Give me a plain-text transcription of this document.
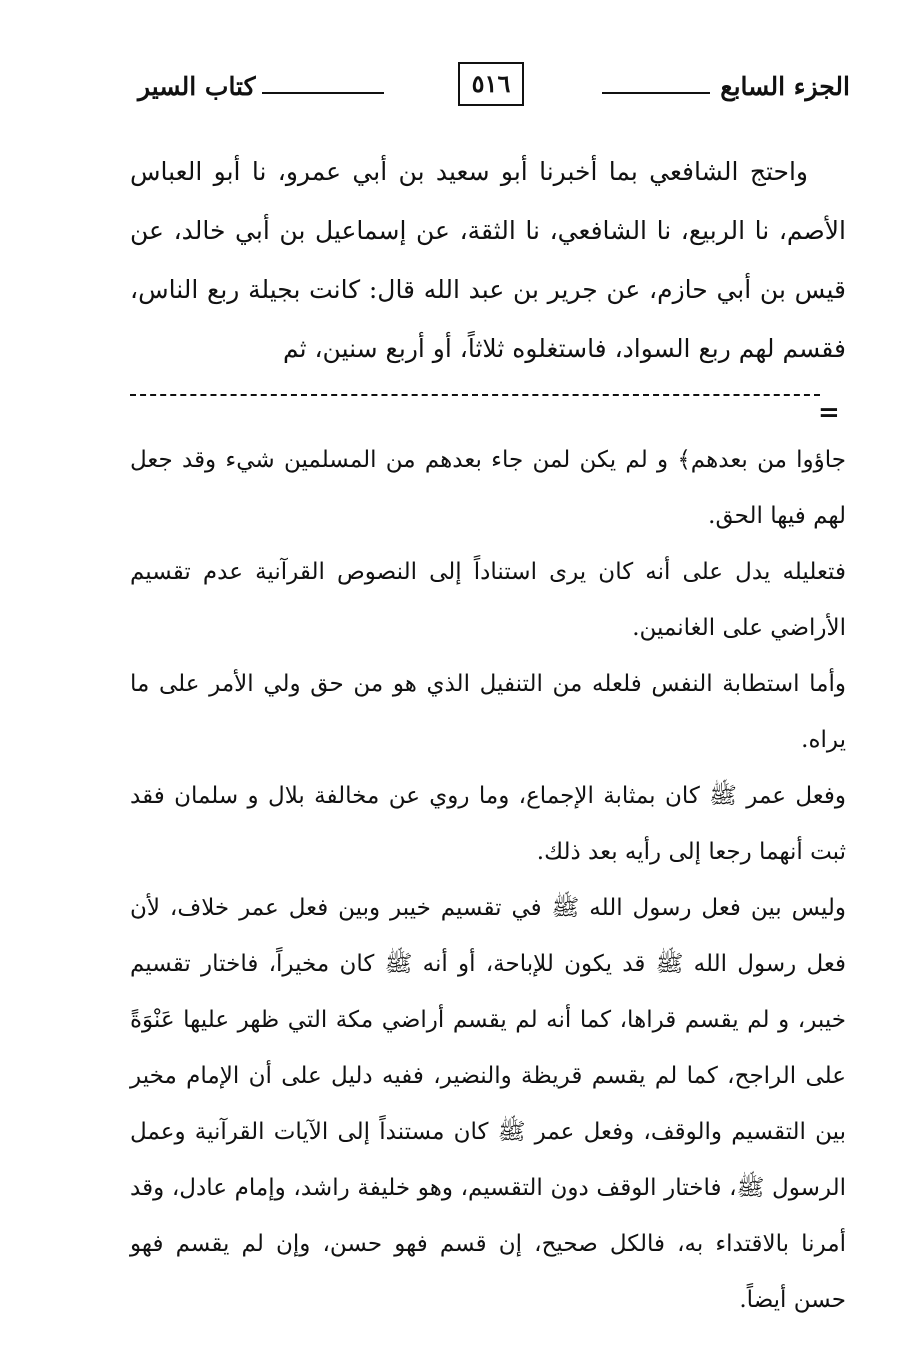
الجزء السابع
٥١٦
كتاب السير

واحتج الشافعي بما أخبرنا أبو سعيد بن أبي عمرو، نا أبو العباس الأصم، نا الربيع، نا الشافعي، نا الثقة، عن إسماعيل بن أبي خالد، عن قيس بن أبي حازم، عن جرير بن عبد الله قال: كانت بجيلة ربع الناس، فقسم لهم ربع السواد، فاستغلوه ثلاثاً، أو أربع سنين، ثم

=

جاؤوا من بعدهم﴾ و لم يكن لمن جاء بعدهم من المسلمين شيء وقد جعل لهم فيها الحق.

فتعليله يدل على أنه كان يرى استناداً إلى النصوص القرآنية عدم تقسيم الأراضي على الغانمين.

وأما استطابة النفس فلعله من التنفيل الذي هو من حق ولي الأمر على ما يراه.

وفعل عمر ﷺ كان بمثابة الإجماع، وما روي عن مخالفة بلال و سلمان فقد ثبت أنهما رجعا إلى رأيه بعد ذلك.

وليس بين فعل رسول الله ﷺ في تقسيم خيبر وبين فعل عمر خلاف، لأن فعل رسول الله ﷺ قد يكون للإباحة، أو أنه ﷺ كان مخيراً، فاختار تقسيم خيبر، و لم يقسم قراها، كما أنه لم يقسم أراضي مكة التي ظهر عليها عَنْوَةً على الراجح، كما لم يقسم قريظة والنضير، ففيه دليل على أن الإمام مخير بين التقسيم والوقف، وفعل عمر ﷺ كان مستنداً إلى الآيات القرآنية وعمل الرسول ﷺ، فاختار الوقف دون التقسيم، وهو خليفة راشد، وإمام عادل، وقد أمرنا بالاقتداء به، فالكل صحيح، إن قسم فهو حسن، وإن لم يقسم فهو حسن أيضاً.
